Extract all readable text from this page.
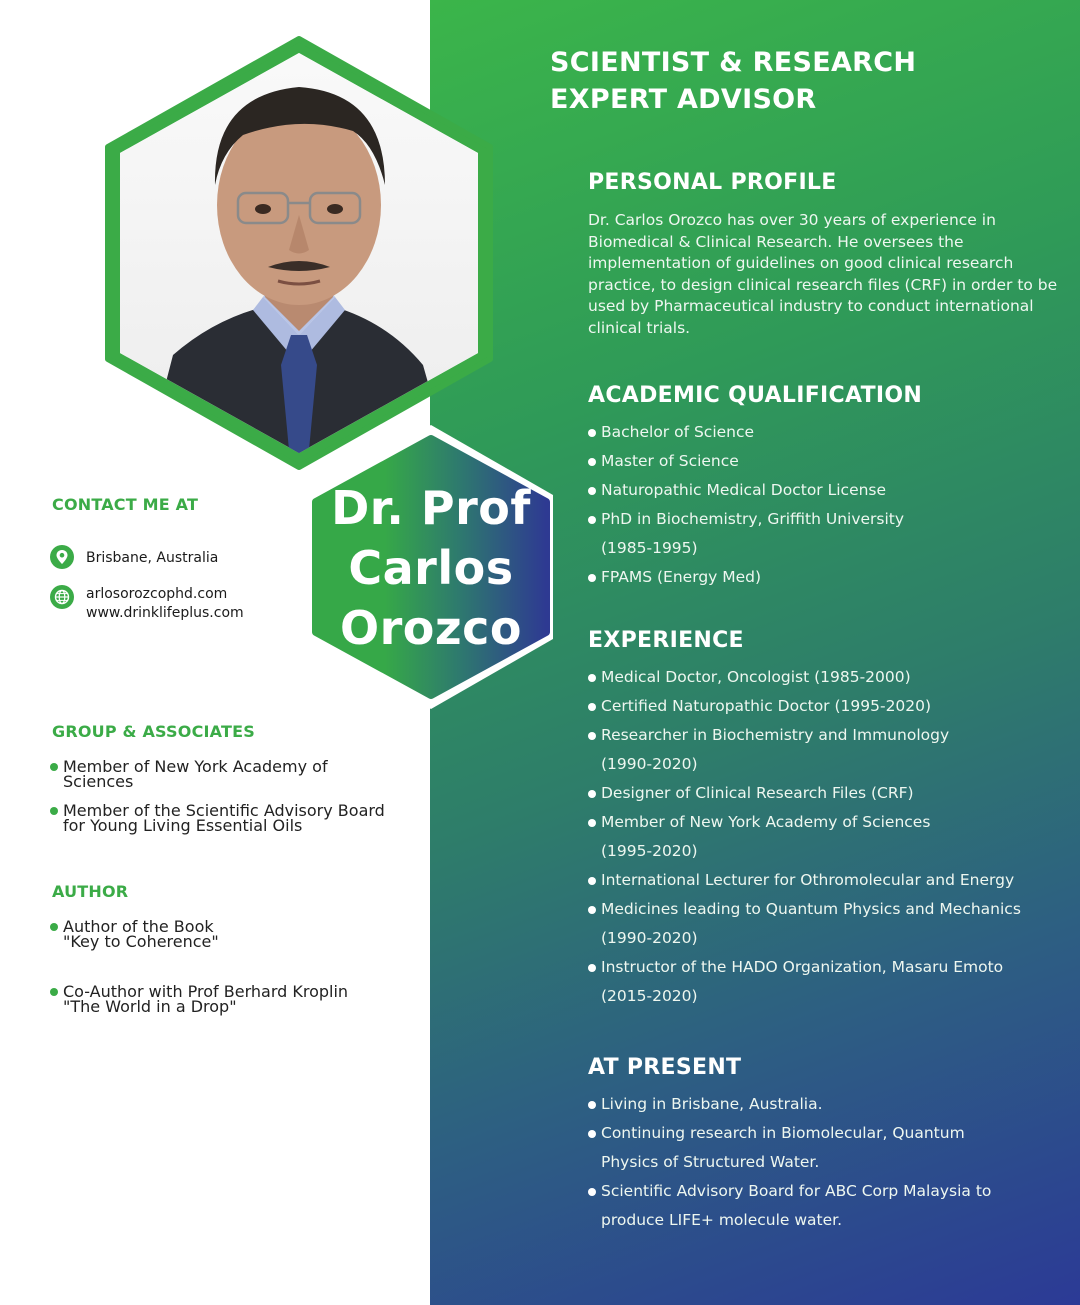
SCIENTIST & RESEARCH
EXPERT ADVISOR
Dr. Prof
Carlos
Orozco
CONTACT ME AT
Brisbane, Australia
arlosorozcophd.com
www.drinklifeplus.com
GROUP & ASSOCIATES
Member of New York Academy of
Sciences
Member of the Scientific Advisory Board
for Young Living Essential Oils
AUTHOR
Author of the Book
"Key to Coherence"
Co-Author with Prof Berhard Kroplin
"The World in a Drop"
PERSONAL PROFILE
Dr. Carlos Orozco has over 30 years of experience in Biomedical & Clinical Research. He oversees the implementation of guidelines on good clinical research practice, to design clinical research files (CRF) in order to be used by Pharmaceutical industry to conduct international clinical trials.
ACADEMIC QUALIFICATION
Bachelor of Science
Master of Science
Naturopathic Medical Doctor License
PhD in Biochemistry, Griffith University
(1985-1995)
FPAMS (Energy Med)
EXPERIENCE
Medical Doctor, Oncologist (1985-2000)
Certified Naturopathic Doctor (1995-2020)
Researcher in Biochemistry and Immunology
(1990-2020)
Designer of Clinical Research Files (CRF)
Member of New York Academy of Sciences
(1995-2020)
International Lecturer for Othromolecular and Energy
Medicines leading to Quantum Physics and Mechanics
(1990-2020)
Instructor of the HADO Organization, Masaru Emoto
(2015-2020)
AT PRESENT
Living in Brisbane, Australia.
Continuing research in Biomolecular, Quantum
Physics of Structured Water.
Scientific Advisory Board for ABC Corp Malaysia to
produce LIFE+ molecule water.
